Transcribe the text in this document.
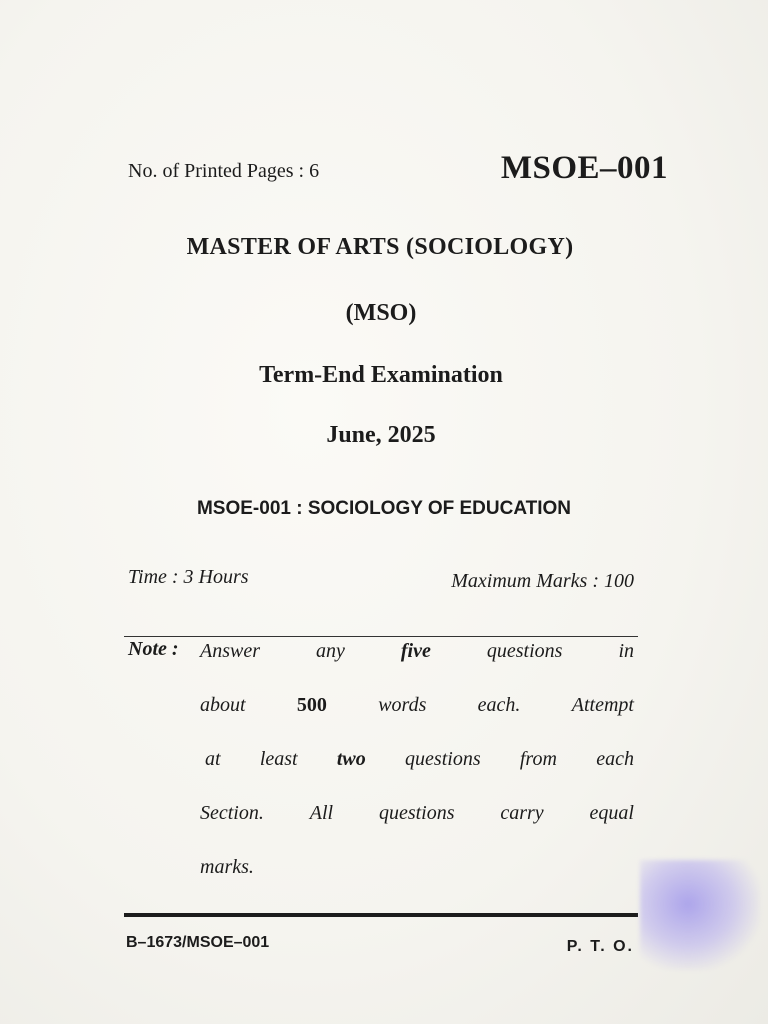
No. of Printed Pages : 6	MSOE–001
MASTER OF ARTS (SOCIOLOGY)
(MSO)
Term-End Examination
June, 2025
MSOE-001 : SOCIOLOGY OF EDUCATION
Time : 3 Hours	Maximum Marks : 100
Note : Answer	any	five	questions	in
about	500	words	each.	Attempt
at least two questions from each
Section. All questions carry equal
marks.
B–1673/MSOE–001	P. T. O.
